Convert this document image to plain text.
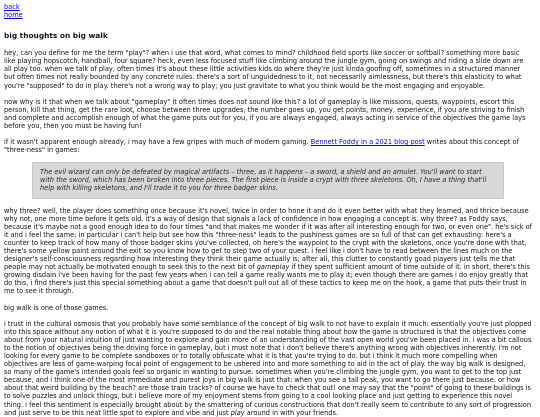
back
home
big thoughts on big walk

hey, can you define for me the term "play"? when i use that word, what comes to mind? childhood field sports like soccer or softball? something more basic like playing hopscotch, handball, four square? heck, even less focused stuff like climbing around the jungle gym, going on swings and riding a slide down are all play too. when we talk of play, often times it's about these little activities kids do where they're just kinda goofing off, sometimes in a structured manner but often times not really bounded by any concrete rules. there's a sort of unguidedness to it, not necessarily aimlessness, but there's this elasticity to what you're "supposed" to do in play. there's not a wrong way to play; you just gravitate to what you think would be the most engaging and enjoyable.

now why is it that when we talk about "gameplay" it often times does not sound like this? a lot of gameplay is like missions, quests, waypoints, escort this person, kill that thing, get the rare loot, choose between three upgrades, the number goes up, you get points, money, experience, if you are striving to finish and complete and accomplish enough of what the game puts out for you, if you are always engaged, always acting in service of the objectives the game lays before you, then you must be having fun!

if it wasn't apparent enough already, i may have a few gripes with much of modern gaming. Bennett Foddy in a 2021 blog post writes about this concept of "three-ness" in games:

The evil wizard can only be defeated by magical artifacts – three, as it happens – a sword, a shield and an amulet. You'll want to start with the sword, which has been broken into three pieces. The first piece is inside a crypt with three skeletons. Oh, I have a thing that'll help with killing skeletons, and I'll trade it to you for three badger skins.

why three? well, the player does something once because it's novel, twice in order to hone it and do it even better with what they learned, and thrice because why not, one more time before it gets old. it's a way of design that signals a lack of confidence in how engaging a concept is. why three? as Foddy says, because it's maybe not a good enough idea to do four times "and that makes me wonder if it was after all interesting enough for two, or even one". he's sick of it and i feel the same; in particular i can't help but see how this "three-ness" leads to the pushiness games are so full of that can get exhausting: here's a counter to keep track of how many of those badger skins you've collected, oh here's the waypoint to the crypt with the skeletons, once you're done with that, there's some yellow paint around the exit so you know how to get to step two of your quest. i feel like i don't have to read between the lines much on the designer's self-consciousness regarding how interesting they think their game actually is; after all, this clutter to constantly goad players just tells me that people may not actually be motivated enough to seek this to the next bit of gameplay if they spent sufficient amount of time outside of it. in short, there's this growing disdain i've been having for the past few years when i can tell a game really wants me to play it; even though there are games i do enjoy greatly that do this, i find there's just this special something about a game that doesn't pull out all of these tactics to keep me on the hook, a game that puts their trust in me to see it through.

big walk is one of those games.

i trust in the cultural osmosis that you probably have some semblance of the concept of big walk to not have to explain it much: essentially you're just plopped into this space without any notion of what it is you're supposed to do and the real notable thing about how the game is structured is that the objectives come about from your natural intuition of just wanting to explore and gain more of an understanding of the vast open world you've been placed in. i was a bit callous to the notion of objectives being the driving force in gameplay, but i must note that i don't believe there's anything wrong with objectives inherently. i'm not looking for every game to be complete sandboxes or to totally obfuscate what it is that you're trying to do. but i think it much more compelling when objectives are less of game-warping focal point of engagement to be ushered into and more something to aid in the act of play. the way big walk is designed, so many of the game's intended goals feel so organic in wanting to pursue. sometimes when you're climbing the jungle gym, you want to get to the top just because, and i think one of the most immediate and purest joys in big walk is just that: when you see a tall peak, you want to go there just because. or how about that weird building by the beach? are those train tracks? of course we have to check that out! one may say that the "point" of going to these buildings is to solve puzzles and unlock things, but i believe more of my enjoyment stems from going to a cool looking place and just getting to experience this novel thing. i feel this sentiment is especially brought about by the smattering of curious constructions that don't really seem to contribute to any sort of progression and just serve to be this neat little spot to explore and vibe and just play around in with your friends.
